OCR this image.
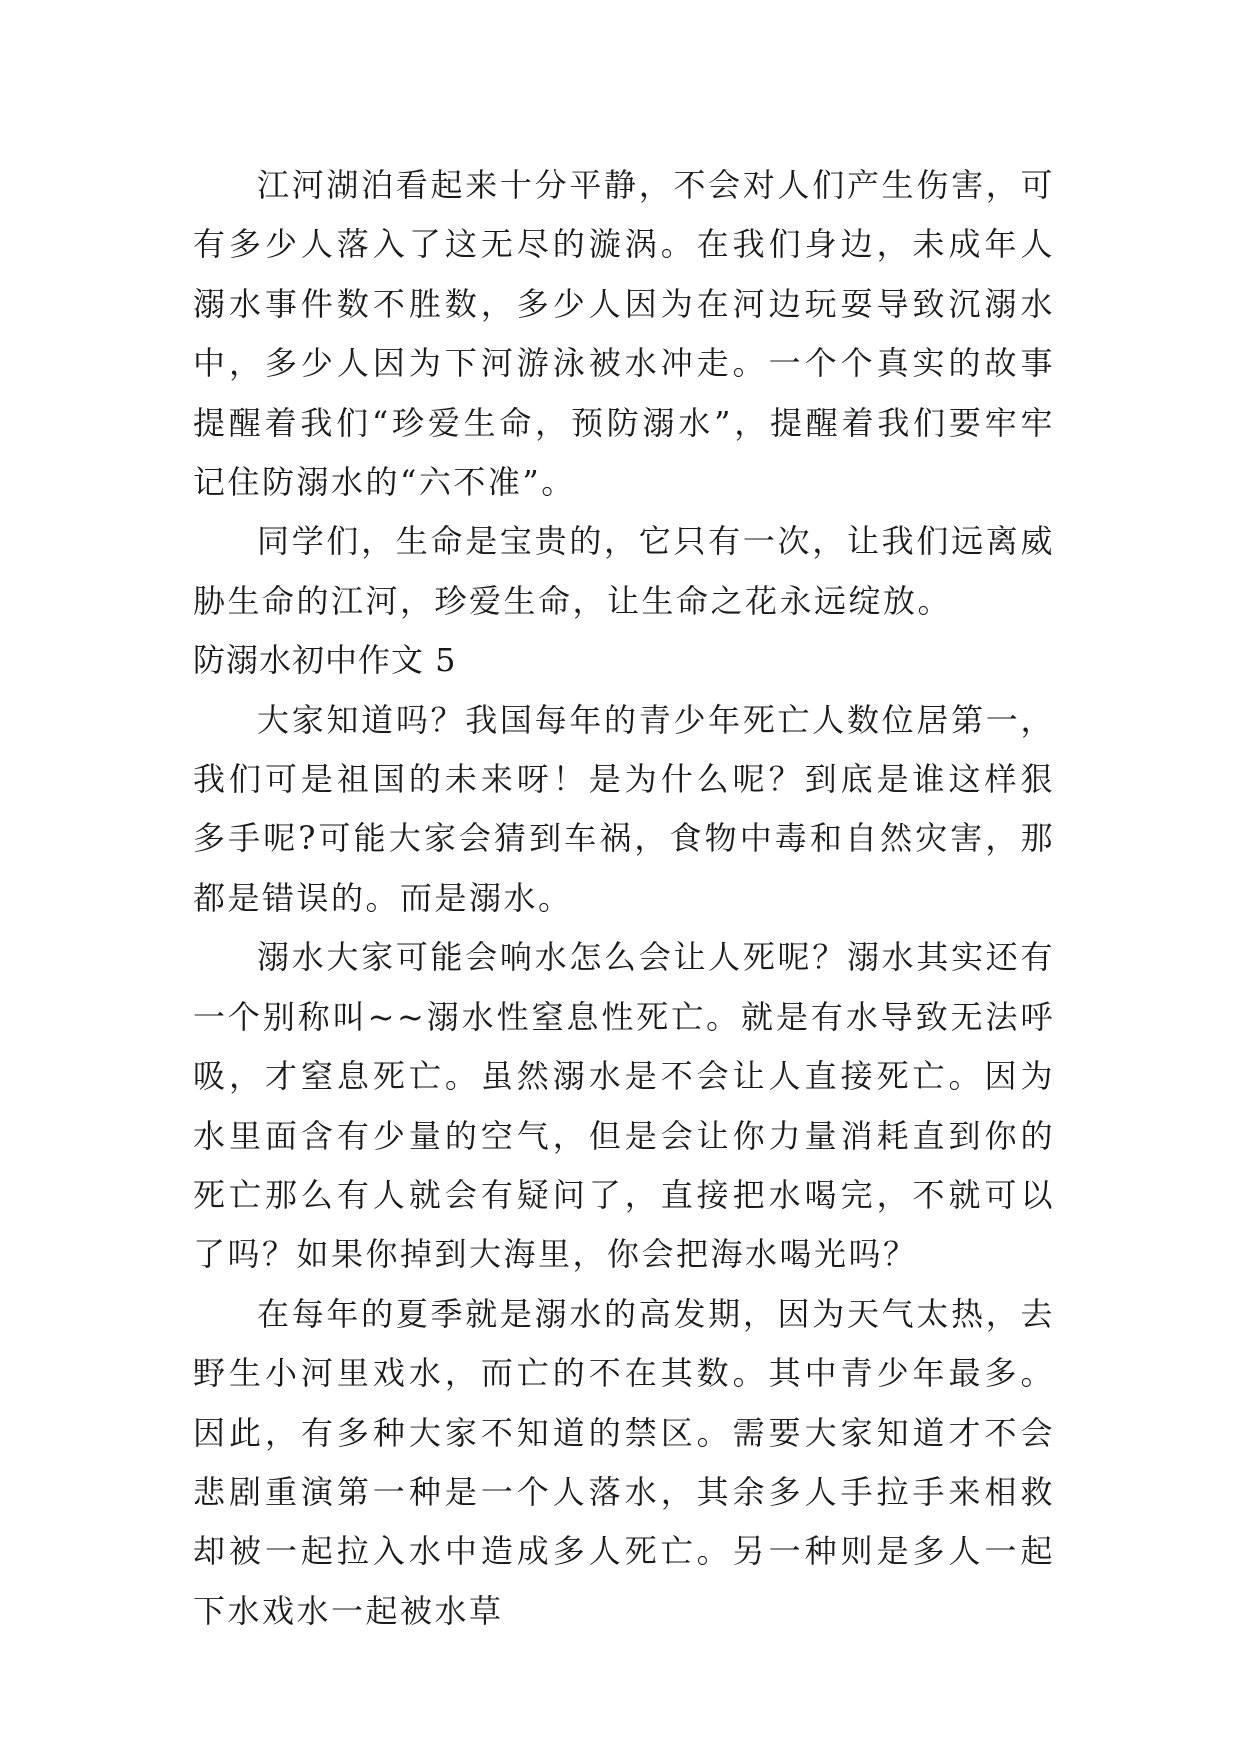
江河湖泊看起来十分平静，不会对人们产生伤害，可有多少人落入了这无尽的漩涡。在我们身边，未成年人溺水事件数不胜数，多少人因为在河边玩耍导致沉溺水中，多少人因为下河游泳被水冲走。一个个真实的故事提醒着我们“珍爱生命，预防溺水”，提醒着我们要牢牢记住防溺水的“六不准”。

同学们，生命是宝贵的，它只有一次，让我们远离威胁生命的江河，珍爱生命，让生命之花永远绽放。

防溺水初中作文 5

大家知道吗？我国每年的青少年死亡人数位居第一，我们可是祖国的未来呀！是为什么呢？到底是谁这样狠多手呢?可能大家会猜到车祸，食物中毒和自然灾害，那都是错误的。而是溺水。

溺水大家可能会响水怎么会让人死呢？溺水其实还有一个别称叫~~溺水性窒息性死亡。就是有水导致无法呼吸，才窒息死亡。虽然溺水是不会让人直接死亡。因为水里面含有少量的空气，但是会让你力量消耗直到你的死亡那么有人就会有疑问了，直接把水喝完，不就可以了吗？如果你掉到大海里，你会把海水喝光吗？

在每年的夏季就是溺水的高发期，因为天气太热，去野生小河里戏水，而亡的不在其数。其中青少年最多。因此，有多种大家不知道的禁区。需要大家知道才不会悲剧重演第一种是一个人落水，其余多人手拉手来相救却被一起拉入水中造成多人死亡。另一种则是多人一起下水戏水一起被水草
